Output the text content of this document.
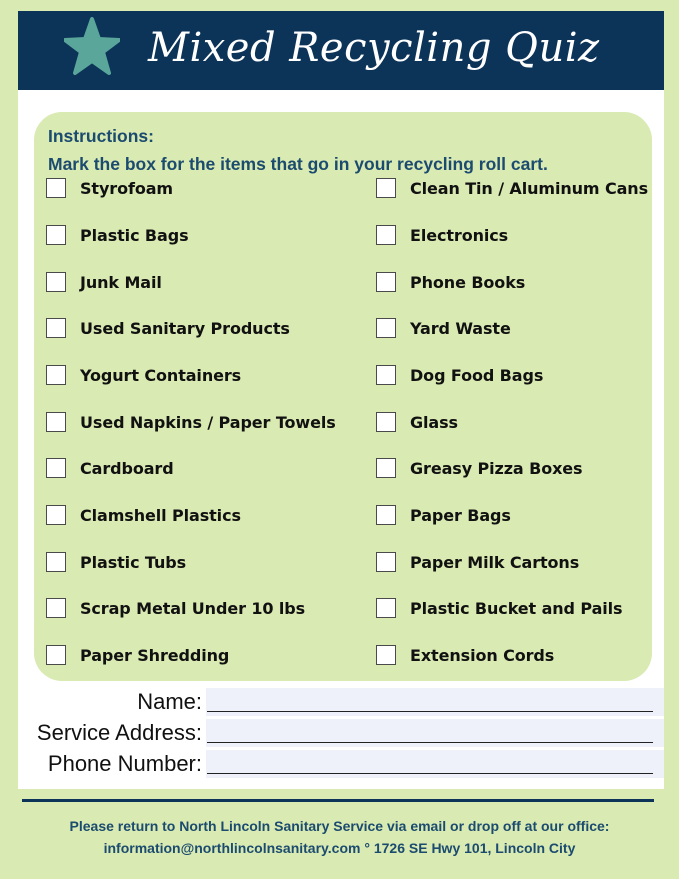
Mixed Recycling Quiz
Instructions:
Mark the box for the items that go in your recycling roll cart.
Styrofoam
Plastic Bags
Junk Mail
Used Sanitary Products
Yogurt Containers
Used Napkins / Paper Towels
Cardboard
Clamshell Plastics
Plastic Tubs
Scrap Metal Under 10 lbs
Paper Shredding
Clean Tin / Aluminum Cans
Electronics
Phone Books
Yard Waste
Dog Food Bags
Glass
Greasy Pizza Boxes
Paper Bags
Paper Milk Cartons
Plastic Bucket and Pails
Extension Cords
Name:
Service Address:
Phone Number:
Please return to North Lincoln Sanitary Service via email or drop off at our office:
information@northlincolnsanitary.com ° 1726 SE Hwy 101, Lincoln City
